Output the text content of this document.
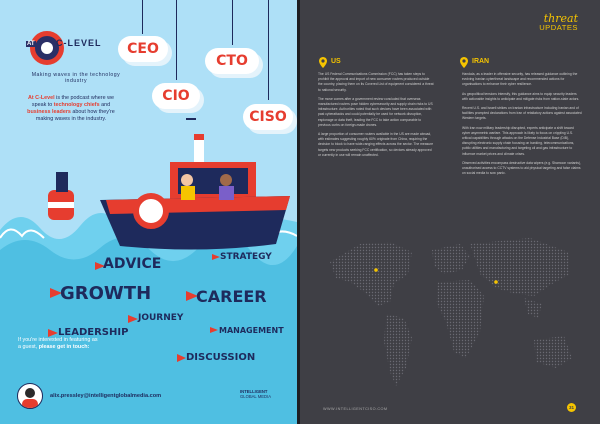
AT C-LEVEL
Making waves in the technology industry
At C-Level is the podcast where we speak to technology chiefs and business leaders about how they're making waves in the industry.
CEO
CTO
CIO
CISO
ADVICE	STRATEGY
GROWTH	CAREER
JOURNEY
LEADERSHIP	MANAGEMENT
DISCUSSION
If you're interested in featuring as a guest, please get in touch:
alix.pressley@intelligentglobalmedia.com
INTELLIGENT
GLOBAL MEDIA
threat
UPDATES
US

The US Federal Communications Commission (FCC) has taken steps to prohibit the approval and import of new consumer routers produced outside the country, placing them on its Covered List of equipment considered a threat to national security.

The move comes after a government review concluded that overseas manufactured routers pose hidden cybersecurity and supply chain risks to US infrastructure. Authorities noted that such devices have been associated with past cyberattacks and could potentially be used for network disruption, espionage or data theft, leading the FCC to take action comparable to previous curbs on foreign-made drones.

A large proportion of consumer routers available in the US are made abroad, with estimates suggesting roughly 60% originate from China, requiring the decision to block to have wide-ranging effects across the sector. The measure targets new products seeking FCC certification, so devices already approved or currently in use will remain unaffected.

IRAN

Handala, as a leader in offensive security, has released guidance outlining the evolving Iranian cyberthreat landscape and recommended actions for organisations to enhance their cyber resilience.

As geopolitical tensions intensify, this guidance aims to equip security leaders with actionable insights to anticipate and mitigate risks from nation-state actors.

Recent U.S. and Israeli strikes on Iranian infrastructure including Iranian and of facilities prompted declarations from Iran of retaliatory actions against associated Western targets.

With Iran now military leadership disrupted, experts anticipate a shift toward cyber asymmetric warfare. This approach is likely to focus on crippling U.S. critical capabilities through attacks on the Defense Industrial Base (DIB), disrupting electronic supply chain focusing on banking, telecommunications, public utilities and manufacturing and targeting oil and gas infrastructure to influence market prices and climate crises.

Observed activities encompass destructive data wipers (e.g. Shamoon variants), unauthorised access to CCTV systems to aid physical targeting and false claims on social media to sow panic.

WWW.INTELLIGENTCISO.COM	31
